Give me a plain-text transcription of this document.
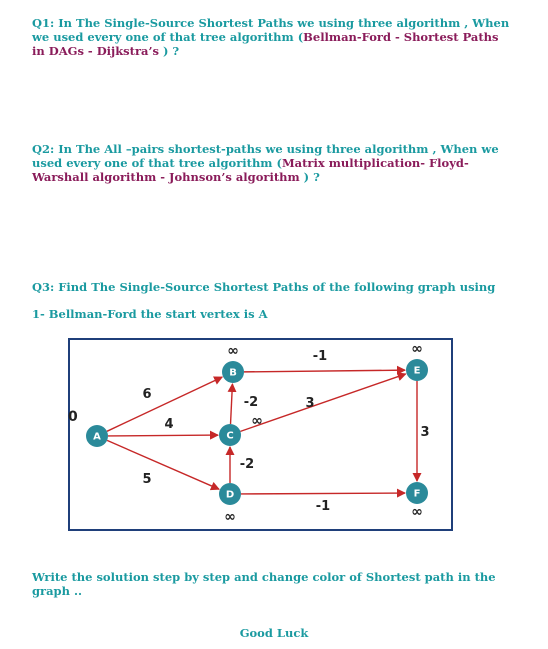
Q1: In The Single-Source Shortest Paths we using three algorithm , When we used every one of that tree algorithm (Bellman-Ford - Shortest Paths in DAGs - Dijkstra’s ) ?

Q2: In The All –pairs shortest-paths we using three algorithm , When we used every one of that tree algorithm (Matrix multiplication- Floyd-Warshall algorithm - Johnson’s algorithm ) ?

Q3: Find The Single-Source Shortest Paths of the following graph using

1- Bellman-Ford the start vertex is A

6
4
5
-2
-2
-1
3
-1
3
A
0
B
∞
C
∞
D
∞
E
∞
F
∞

Write the solution step by step and change color of Shortest path in the graph ..

Good Luck
